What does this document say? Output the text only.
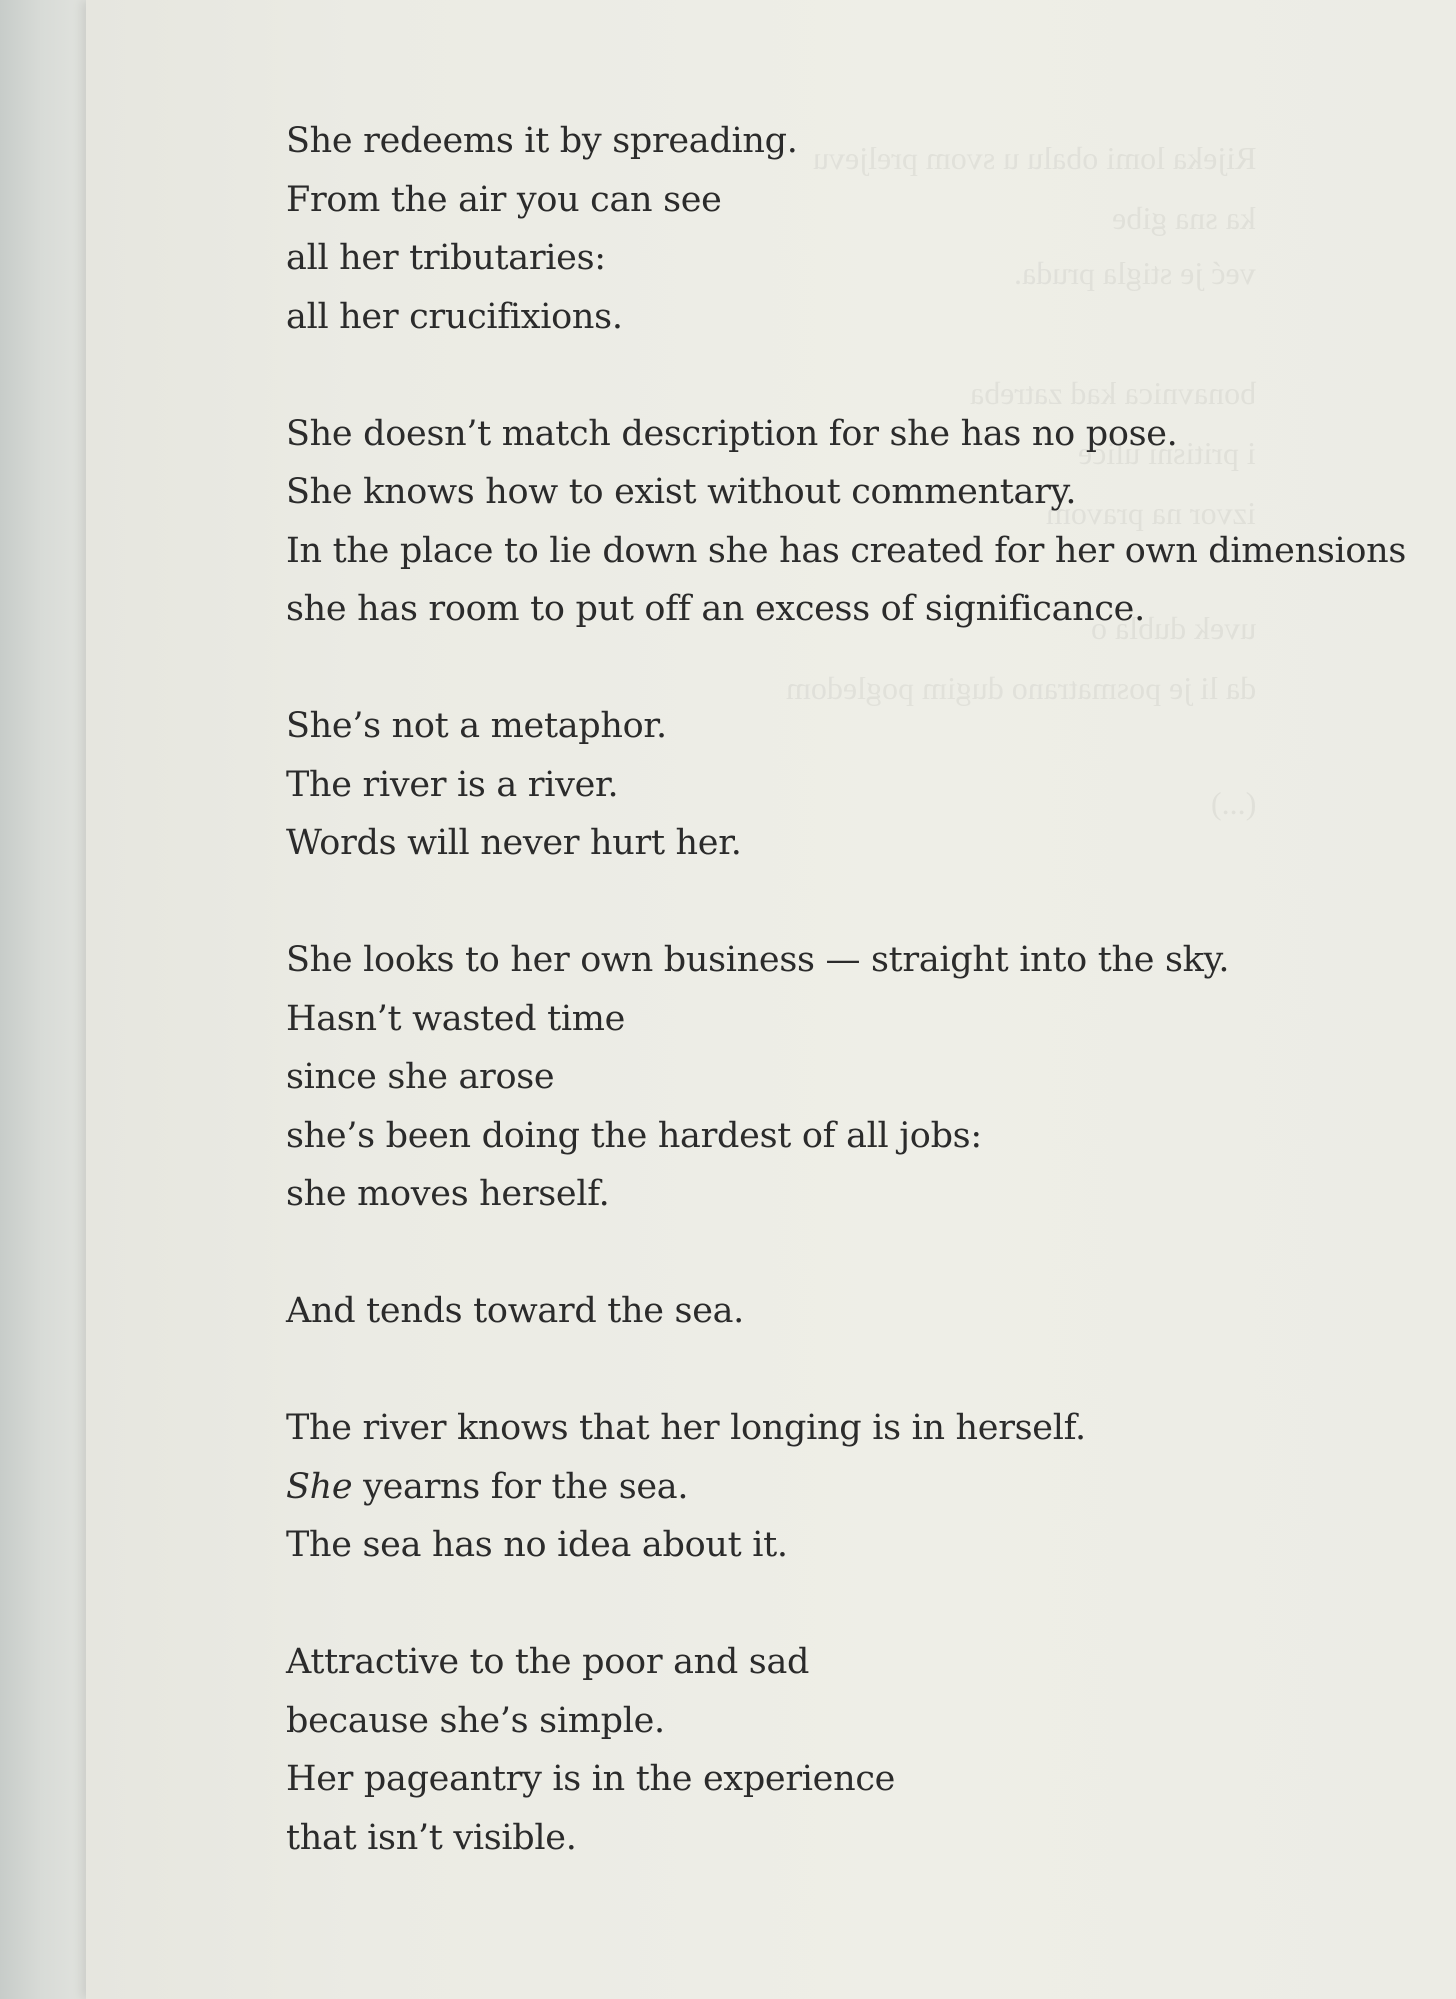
Rijeka lomi obalu u svom preljevu
ka sna gibe
već je stigla pruda.
bonavnica kad zatreba
i pritisni ulice
izvor na pravom
uvek dubla o
da li je posmatrano dugim pogledom
(...)
She redeems it by spreading.
From the air you can see
all her tributaries:
all her crucifixions.
She doesn’t match description for she has no pose.
She knows how to exist without commentary.
In the place to lie down she has created for her own dimensions
she has room to put off an excess of significance.
She’s not a metaphor.
The river is a river.
Words will never hurt her.
She looks to her own business — straight into the sky.
Hasn’t wasted time
since she arose
she’s been doing the hardest of all jobs:
she moves herself.
And tends toward the sea.
The river knows that her longing is in herself.
She yearns for the sea.
The sea has no idea about it.
Attractive to the poor and sad
because she’s simple.
Her pageantry is in the experience
that isn’t visible.
